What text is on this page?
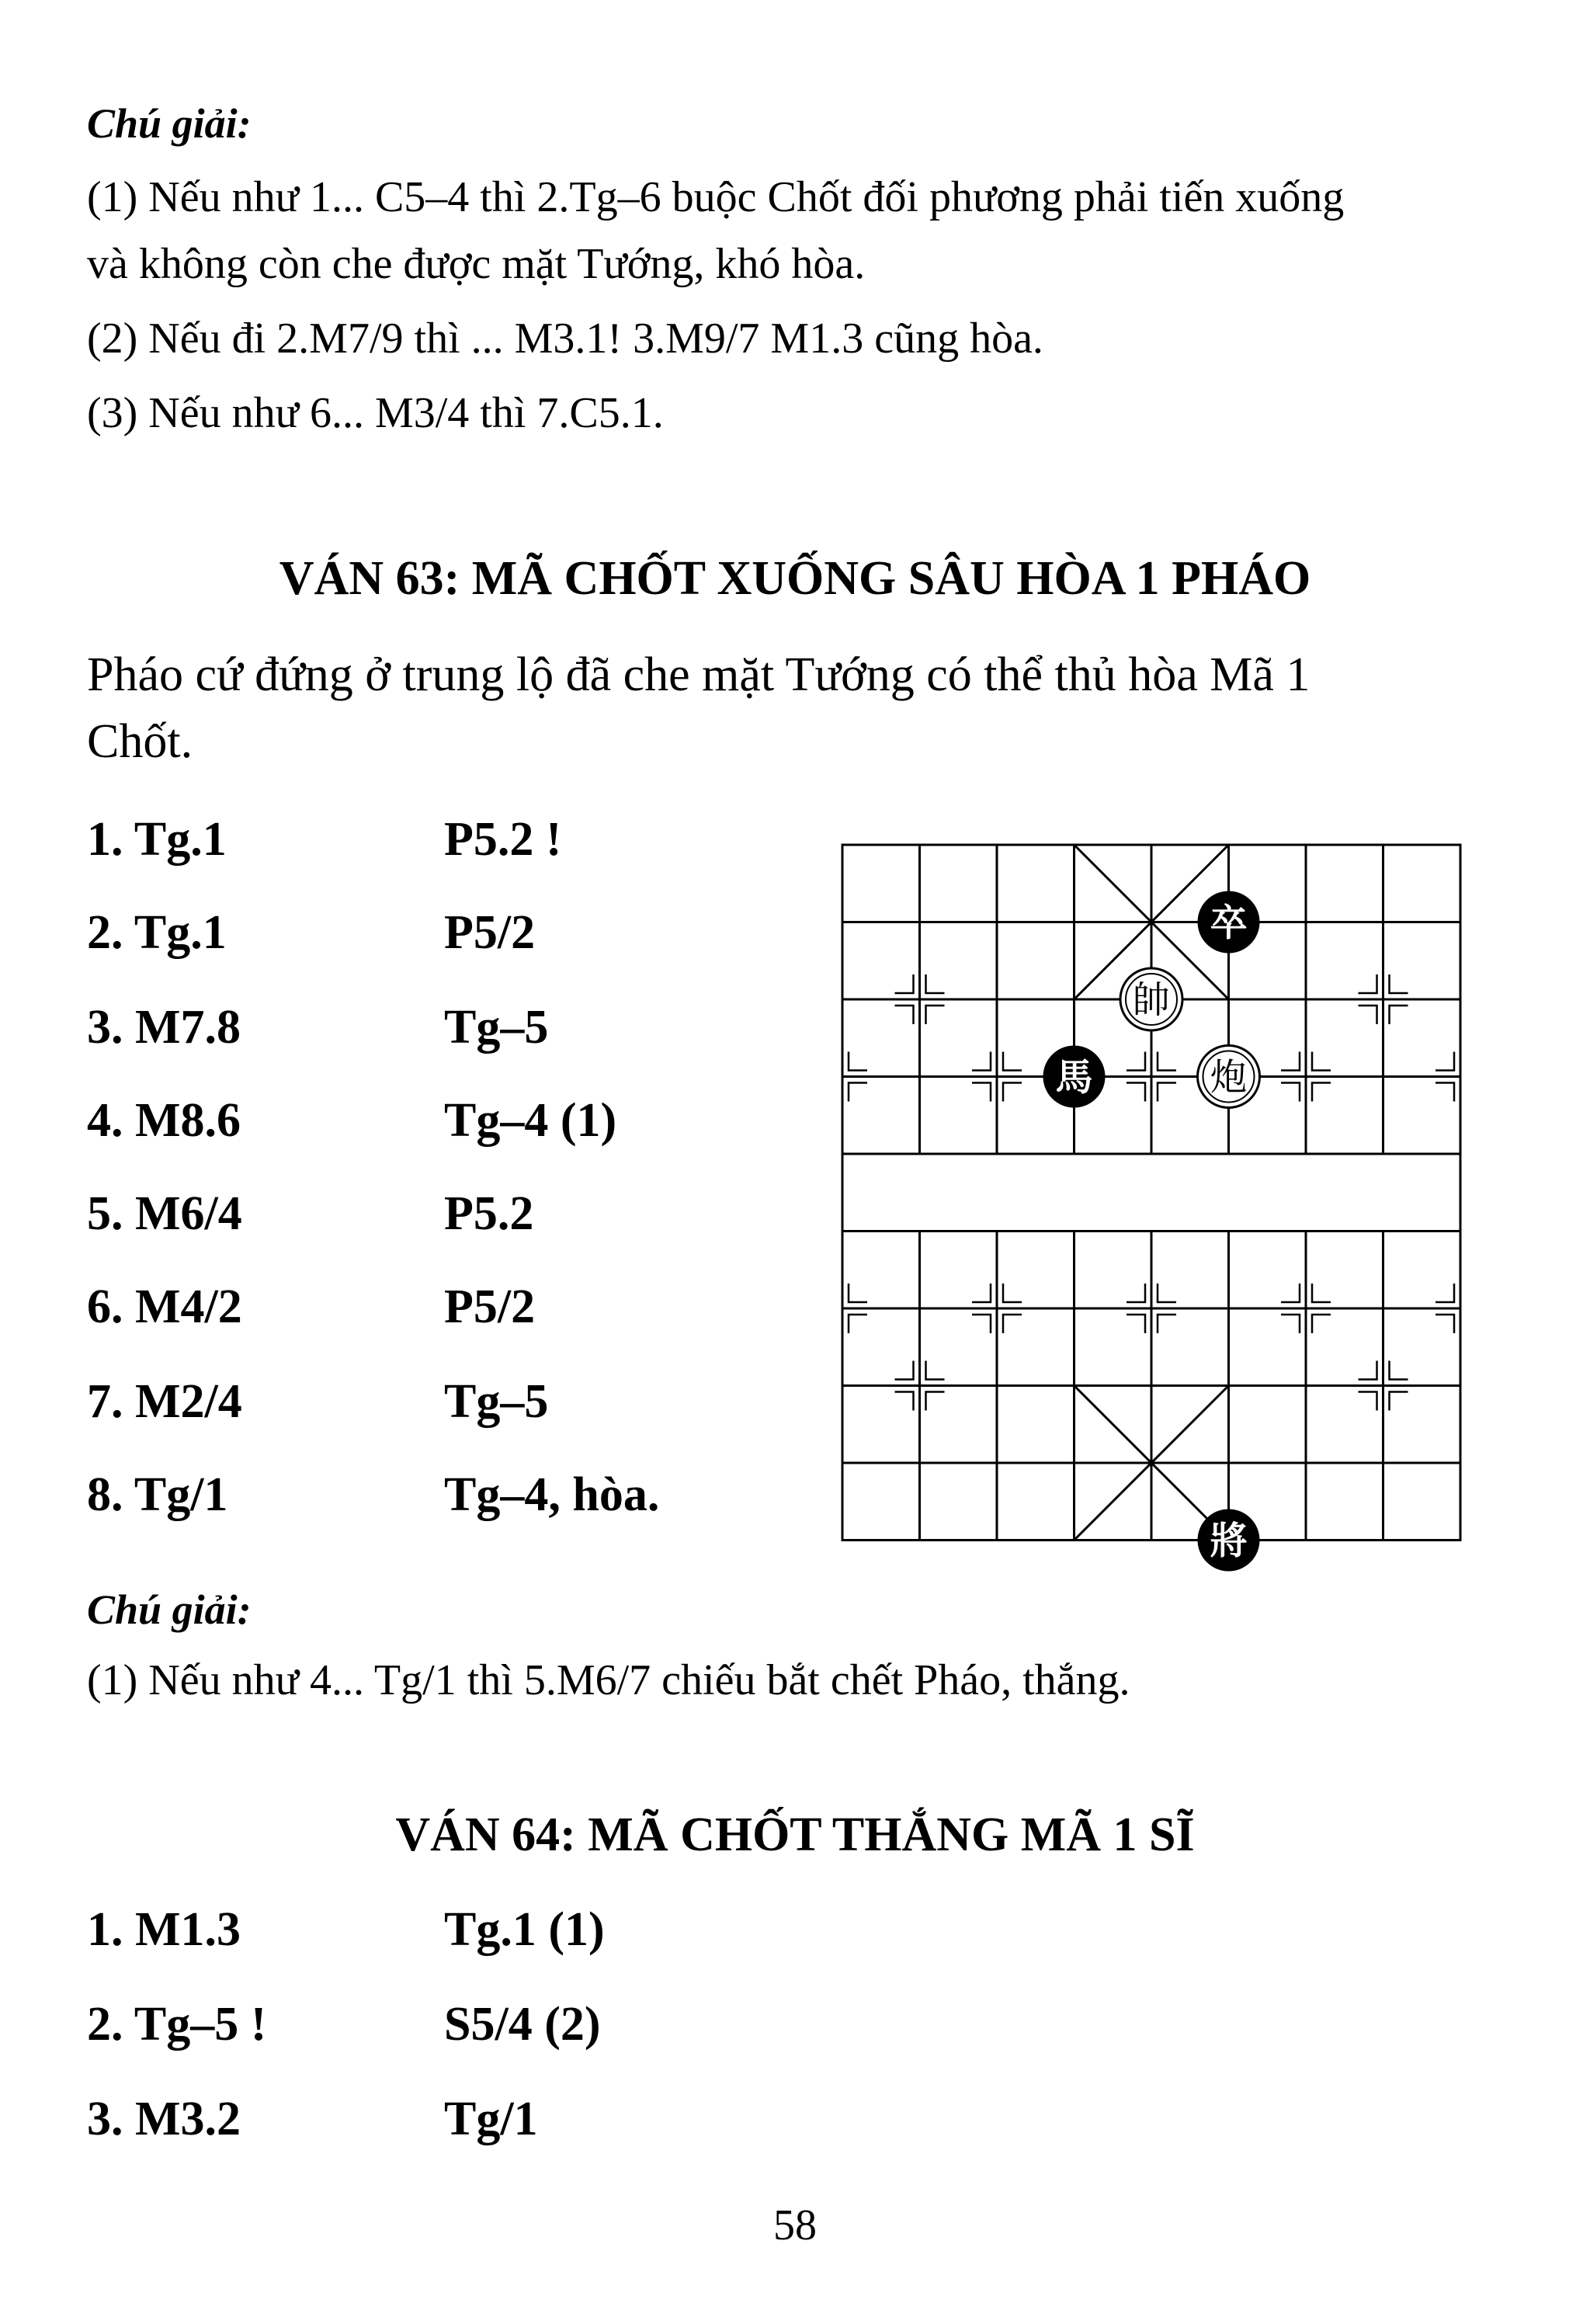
Chú giải:
(1) Nếu như 1... C5–4 thì 2.Tg–6 buộc Chốt đối phương phải tiến xuống
và không còn che được mặt Tướng, khó hòa.
(2) Nếu đi 2.M7/9 thì ... M3.1! 3.M9/7 M1.3 cũng hòa.
(3) Nếu như 6... M3/4 thì 7.C5.1.
VÁN 63: MÃ CHỐT XUỐNG SÂU HÒA 1 PHÁO
Pháo cứ đứng ở trung lộ đã che mặt Tướng có thể thủ hòa Mã 1
Chốt.
1. Tg.1	P5.2 !
2. Tg.1	P5/2
3. M7.8	Tg–5
4. M8.6	Tg–4 (1)
5. M6/4	P5.2
6. M4/2	P5/2
7. M2/4	Tg–5
8. Tg/1	Tg–4, hòa.
卒
帥
馬	炮
將
Chú giải:
(1) Nếu như 4... Tg/1 thì 5.M6/7 chiếu bắt chết Pháo, thắng.
VÁN 64: MÃ CHỐT THẮNG MÃ 1 SĨ
1. M1.3	Tg.1 (1)
2. Tg–5 !	S5/4 (2)
3. M3.2	Tg/1
58
